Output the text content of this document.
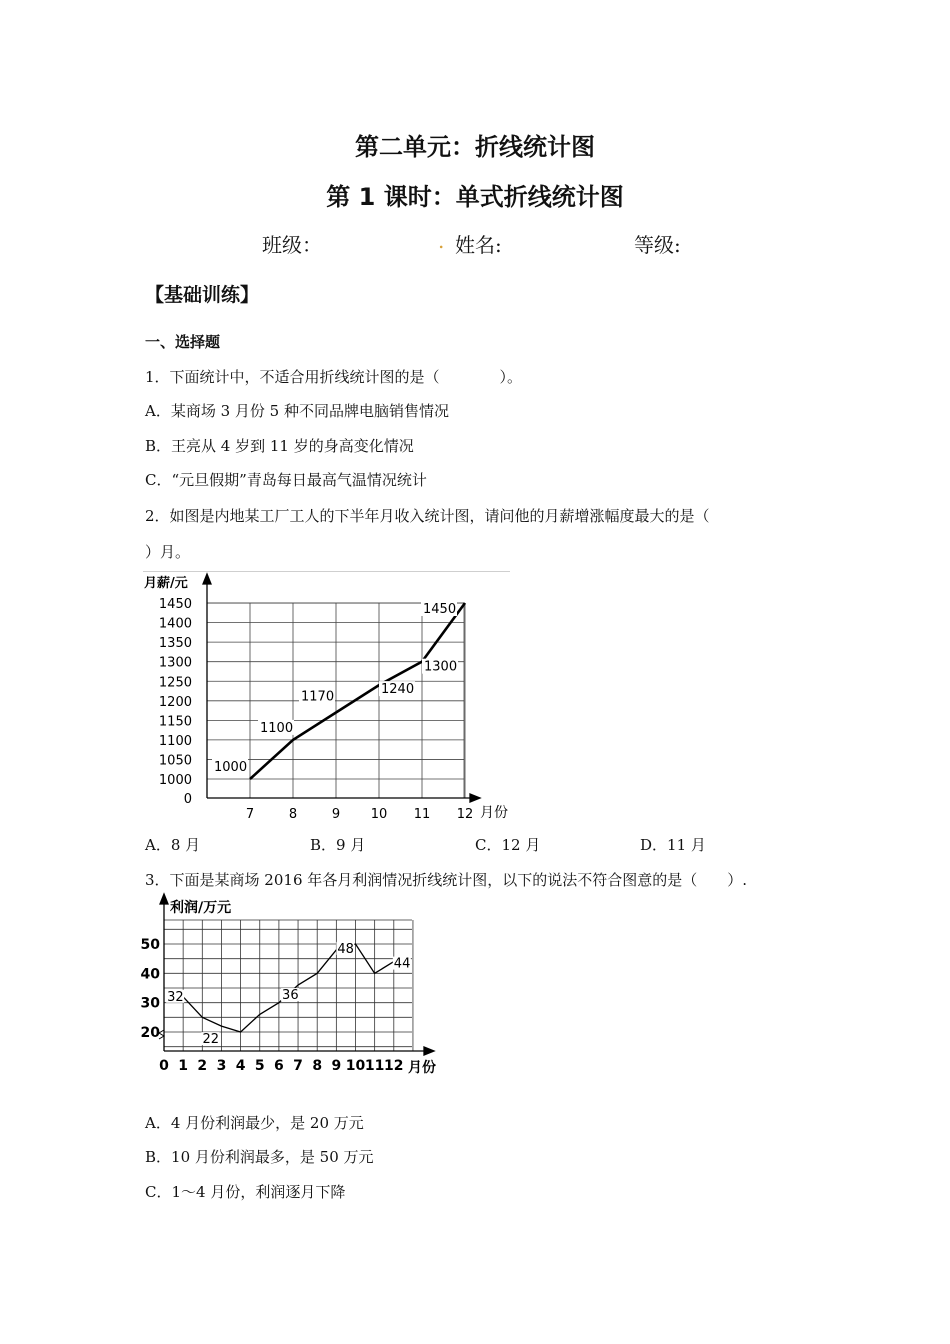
第二单元：折线统计图
第 1 课时：单式折线统计图
班级：	. 姓名:	等级:
【基础训练】
一、选择题
1．下面统计中，不适合用折线统计图的是（　　　　）。
A．某商场 3 月份 5 种不同品牌电脑销售情况
B．王亮从 4 岁到 11 岁的身高变化情况
C．“元旦假期”青岛每日最高气温情况统计
2．如图是内地某工厂工人的下半年月收入统计图，请问他的月薪增涨幅度最大的是（
）月。
0
1000
1050
1100
1150
1200
1250
1300
1350
1400
1450
7	8	9 10 11 12
1000
1100
1170	1240
1300
1450
月薪/元
月份
A．8 月	B．9 月	C．12 月	D．11 月
3．下面是某商场 2016 年各月利润情况折线统计图，以下的说法不符合图意的是（　　）.
20
30
40
50
0 1 2 3 4 5 6 7 8 9 10 11 12
32
22
36
48
44
利润/万元
月份
A．4 月份利润最少，是 20 万元
B．10 月份利润最多，是 50 万元
C．1～4 月份，利润逐月下降
